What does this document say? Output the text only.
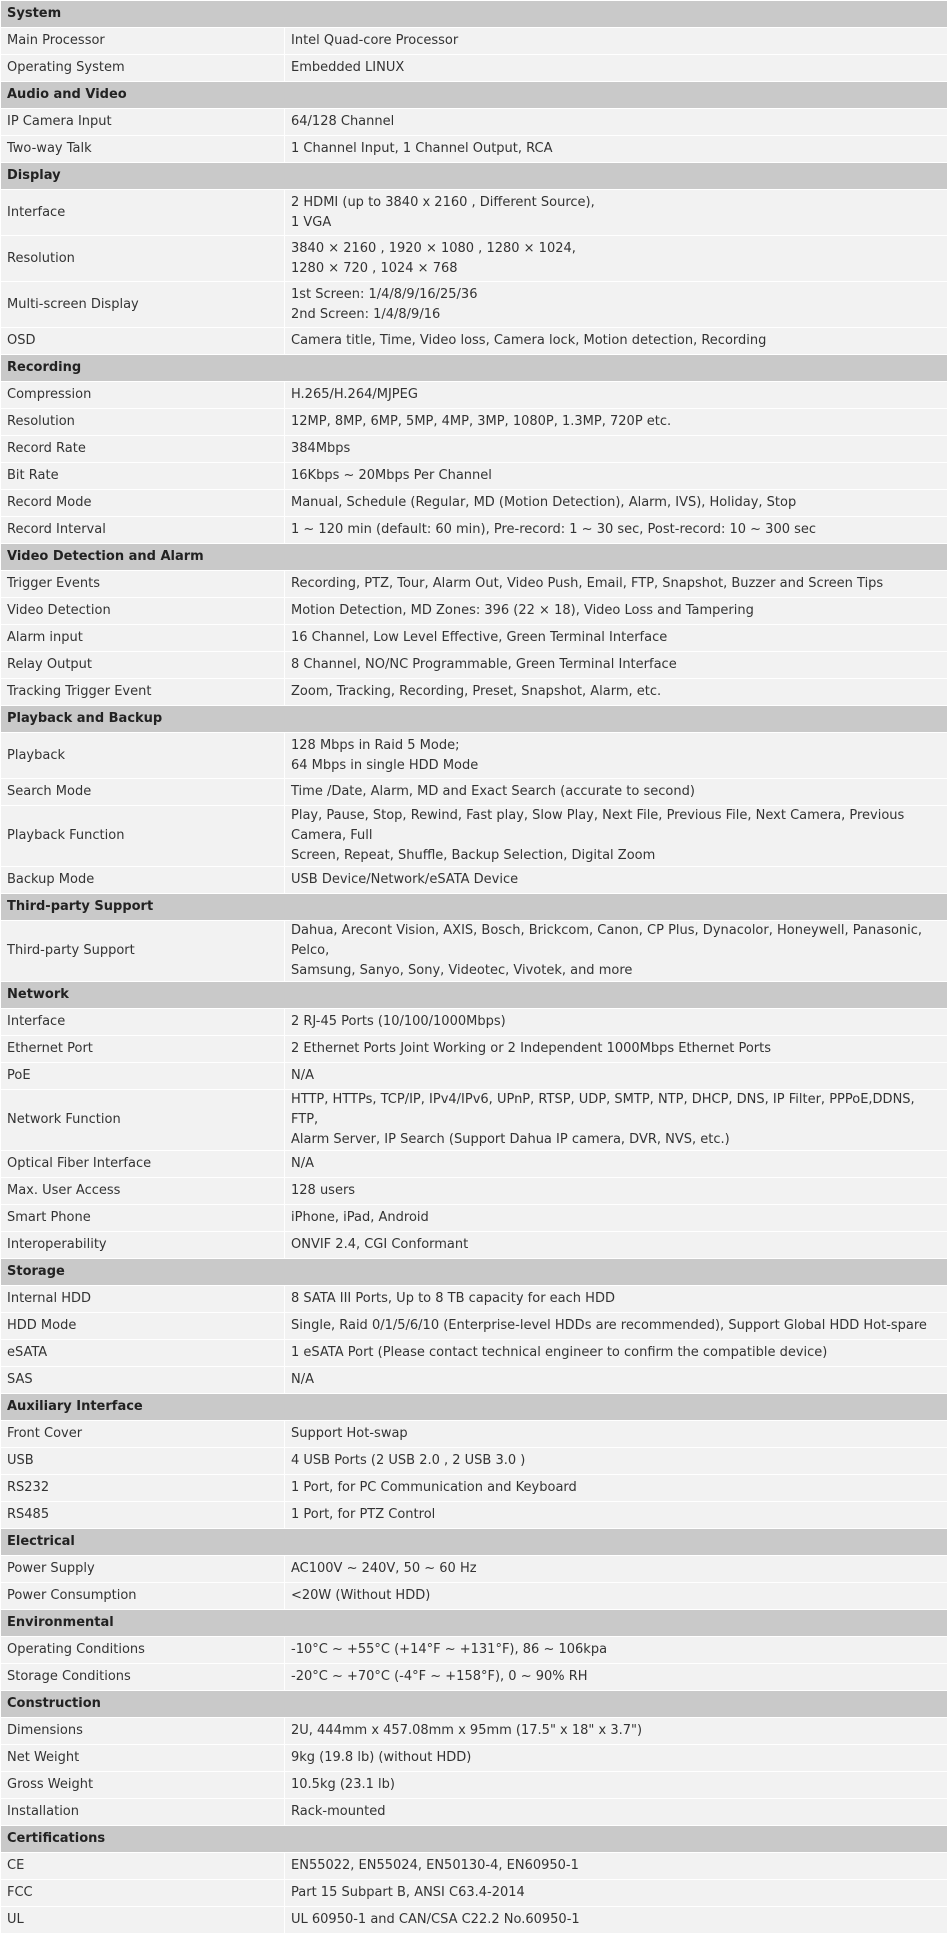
System	
Main Processor	Intel Quad-core Processor
Operating System	Embedded LINUX
Audio and Video	
IP Camera Input	64/128 Channel
Two-way Talk	1 Channel Input, 1 Channel Output, RCA
Display	
Interface	2 HDMI (up to 3840 x 2160 , Different Source),
1 VGA
Resolution	3840 × 2160 , 1920 × 1080 , 1280 × 1024,
1280 × 720 , 1024 × 768
Multi-screen Display	1st Screen: 1/4/8/9/16/25/36
2nd Screen: 1/4/8/9/16
OSD	Camera title, Time, Video loss, Camera lock, Motion detection, Recording
Recording	
Compression	H.265/H.264/MJPEG
Resolution	12MP, 8MP, 6MP, 5MP, 4MP, 3MP, 1080P, 1.3MP, 720P etc.
Record Rate	384Mbps
Bit Rate	16Kbps ~ 20Mbps Per Channel
Record Mode	Manual, Schedule (Regular, MD (Motion Detection), Alarm, IVS), Holiday, Stop
Record Interval	1 ~ 120 min (default: 60 min), Pre-record: 1 ~ 30 sec, Post-record: 10 ~ 300 sec
Video Detection and Alarm	
Trigger Events	Recording, PTZ, Tour, Alarm Out, Video Push, Email, FTP, Snapshot, Buzzer and Screen Tips
Video Detection	Motion Detection, MD Zones: 396 (22 × 18), Video Loss and Tampering
Alarm input	16 Channel, Low Level Effective, Green Terminal Interface
Relay Output	8 Channel, NO/NC Programmable, Green Terminal Interface
Tracking Trigger Event	Zoom, Tracking, Recording, Preset, Snapshot, Alarm, etc.
Playback and Backup	
Playback	128 Mbps in Raid 5 Mode;
64 Mbps in single HDD Mode
Search Mode	Time /Date, Alarm, MD and Exact Search (accurate to second)
Playback Function	Play, Pause, Stop, Rewind, Fast play, Slow Play, Next File, Previous File, Next Camera, Previous Camera, Full
Screen, Repeat, Shuffle, Backup Selection, Digital Zoom
Backup Mode	USB Device/Network/eSATA Device
Third-party Support	
Third-party Support	Dahua, Arecont Vision, AXIS, Bosch, Brickcom, Canon, CP Plus, Dynacolor, Honeywell, Panasonic, Pelco,
Samsung, Sanyo, Sony, Videotec, Vivotek, and more
Network	
Interface	2 RJ-45 Ports (10/100/1000Mbps)
Ethernet Port	2 Ethernet Ports Joint Working or 2 Independent 1000Mbps Ethernet Ports
PoE	N/A
Network Function	HTTP, HTTPs, TCP/IP, IPv4/IPv6, UPnP, RTSP, UDP, SMTP, NTP, DHCP, DNS, IP Filter, PPPoE,DDNS, FTP,
Alarm Server, IP Search (Support Dahua IP camera, DVR, NVS, etc.)
Optical Fiber Interface	N/A
Max. User Access	128 users
Smart Phone	iPhone, iPad, Android
Interoperability	ONVIF 2.4, CGI Conformant
Storage	
Internal HDD	8 SATA III Ports, Up to 8 TB capacity for each HDD
HDD Mode	Single, Raid 0/1/5/6/10 (Enterprise-level HDDs are recommended), Support Global HDD Hot-spare
eSATA	1 eSATA Port (Please contact technical engineer to confirm the compatible device)
SAS	N/A
Auxiliary Interface	
Front Cover	Support Hot-swap
USB	4 USB Ports (2 USB 2.0 , 2 USB 3.0 )
RS232	1 Port, for PC Communication and Keyboard
RS485	1 Port, for PTZ Control
Electrical	
Power Supply	AC100V ~ 240V, 50 ~ 60 Hz
Power Consumption	<20W (Without HDD)
Environmental	
Operating Conditions	-10°C ~ +55°C (+14°F ~ +131°F), 86 ~ 106kpa
Storage Conditions	-20°C ~ +70°C (-4°F ~ +158°F), 0 ~ 90% RH
Construction	
Dimensions	2U, 444mm x 457.08mm x 95mm (17.5" x 18" x 3.7")
Net Weight	9kg (19.8 lb) (without HDD)
Gross Weight	10.5kg (23.1 lb)
Installation	Rack-mounted
Certifications	
CE	EN55022, EN55024, EN50130-4, EN60950-1
FCC	Part 15 Subpart B, ANSI C63.4-2014
UL	UL 60950-1 and CAN/CSA C22.2 No.60950-1
